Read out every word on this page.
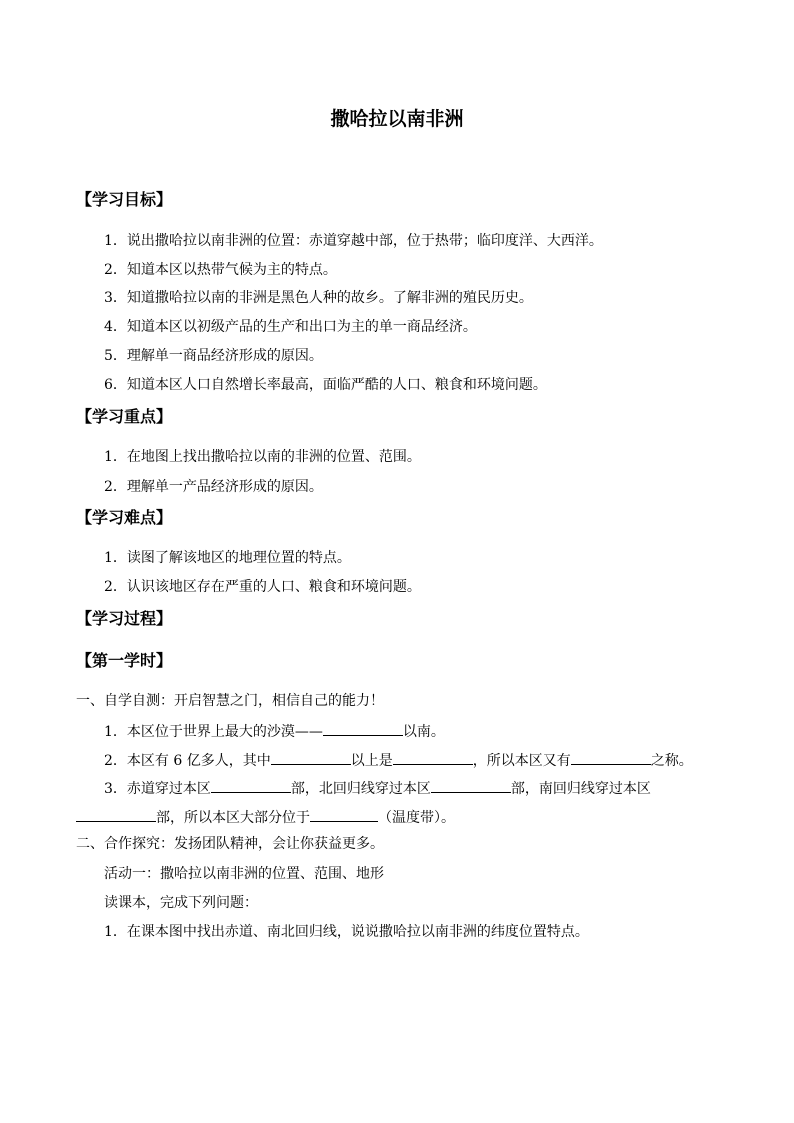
撒哈拉以南非洲
【学习目标】
1．说出撒哈拉以南非洲的位置：赤道穿越中部，位于热带；临印度洋、大西洋。
2．知道本区以热带气候为主的特点。
3．知道撒哈拉以南的非洲是黑色人种的故乡。了解非洲的殖民历史。
4．知道本区以初级产品的生产和出口为主的单一商品经济。
5．理解单一商品经济形成的原因。
6．知道本区人口自然增长率最高，面临严酷的人口、粮食和环境问题。
【学习重点】
1．在地图上找出撒哈拉以南的非洲的位置、范围。
2．理解单一产品经济形成的原因。
【学习难点】
1．读图了解该地区的地理位置的特点。
2．认识该地区存在严重的人口、粮食和环境问题。
【学习过程】
【第一学时】
一、自学自测：开启智慧之门，相信自己的能力！
1．本区位于世界上最大的沙漠——	以南。
2．本区有 6 亿多人，其中	以上是	，所以本区又有	之称。
3．赤道穿过本区	部，北回归线穿过本区	部，南回归线穿过本区
部，所以本区大部分位于	（温度带）。
二、合作探究：发扬团队精神，会让你获益更多。
活动一：撒哈拉以南非洲的位置、范围、地形
读课本，完成下列问题：
1．在课本图中找出赤道、南北回归线，说说撒哈拉以南非洲的纬度位置特点。
